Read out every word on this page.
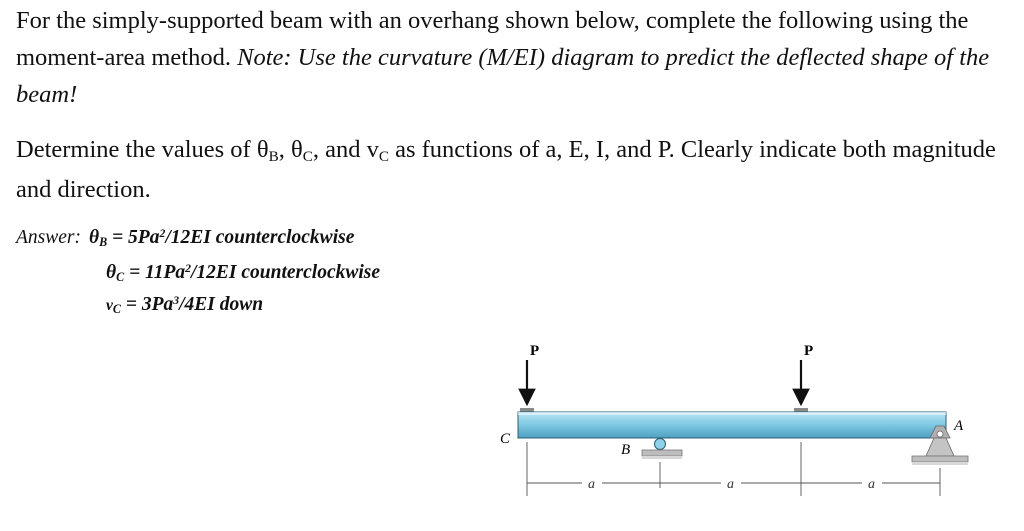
For the simply-supported beam with an overhang shown below, complete the following using the moment-area method. Note: Use the curvature (M/EI) diagram to predict the deflected shape of the beam!

Determine the values of θB, θC, and vC as functions of a, E, I, and P. Clearly indicate both magnitude and direction.

Answer: $\theta B = 5Pa^2/12EI$ counterclockwise
$\theta C = 11Pa^2/12EI$ counterclockwise
vC = $3Pa^3/4EI$ down
P	P
C
B
A
a	a	a
